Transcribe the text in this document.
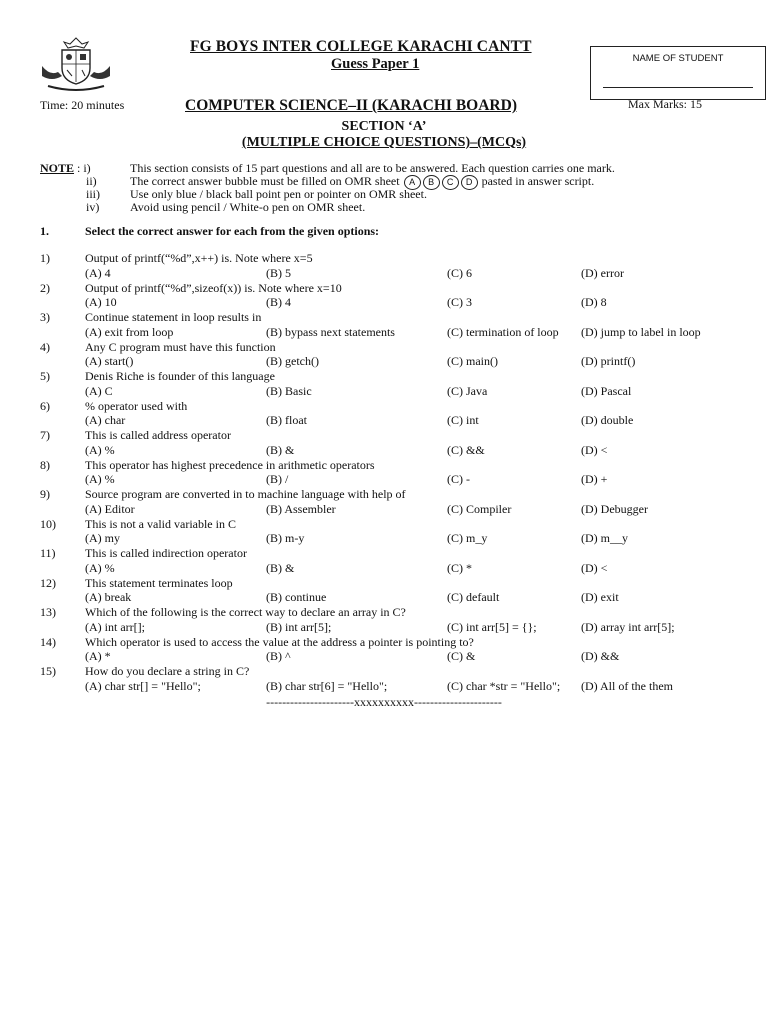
FG BOYS INTER COLLEGE KARACHI CANTT
Guess Paper 1	NAME OF STUDENT
Time: 20 minutes	COMPUTER SCIENCE–II (KARACHI BOARD)	Max Marks: 15
SECTION ‘A’
(MULTIPLE CHOICE QUESTIONS)–(MCQs)
NOTE : i)	This section consists of 15 part questions and all are to be answered. Each question carries one mark.
ii)	The correct answer bubble must be filled on OMR sheet A B C D pasted in answer script.
iii)	Use only blue / black ball point pen or pointer on OMR sheet.
iv)	Avoid using pencil / White-o pen on OMR sheet.
1.	Select the correct answer for each from the given options:
1)	Output of printf(“%d”,x++) is. Note where x=5
(A) 4	(B) 5	(C) 6	(D) error
2)	Output of printf(“%d”,sizeof(x)) is. Note where x=10
(A) 10	(B) 4	(C) 3	(D) 8
3)	Continue statement in loop results in
(A) exit from loop	(B) bypass next statements	(C) termination of loop (D) jump to label in loop
4)	Any C program must have this function
(A) start()	(B) getch()	(C) main()	(D) printf()
5)	Denis Riche is founder of this language
(A) C	(B) Basic	(C) Java	(D) Pascal
6)	% operator used with
(A) char	(B) float	(C) int	(D) double
7)	This is called address operator
(A) %	(B) &	(C) &&	(D) <
8)	This operator has highest precedence in arithmetic operators
(A) %	(B) /	(C) -	(D) +
9)	Source program are converted in to machine language with help of
(A) Editor	(B) Assembler	(C) Compiler	(D) Debugger
10) This is not a valid variable in C
(A) my	(B) m-y	(C) m_y	(D) m__y
11) This is called indirection operator
(A) %	(B) &	(C) *	(D) <
12) This statement terminates loop
(A) break	(B) continue	(C) default	(D) exit
13) Which of the following is the correct way to declare an array in C?
(A) int arr[];	(B) int arr[5];	(C) int arr[5] = {};	(D) array int arr[5];
14) Which operator is used to access the value at the address a pointer is pointing to?
(A) *	(B) ^	(C) &	(D) &&
15) How do you declare a string in C?
(A) char str[] = "Hello";	(B) char str[6] = "Hello";	(C) char *str = "Hello"; (D) All of the them
----------------------xxxxxxxxxx----------------------
